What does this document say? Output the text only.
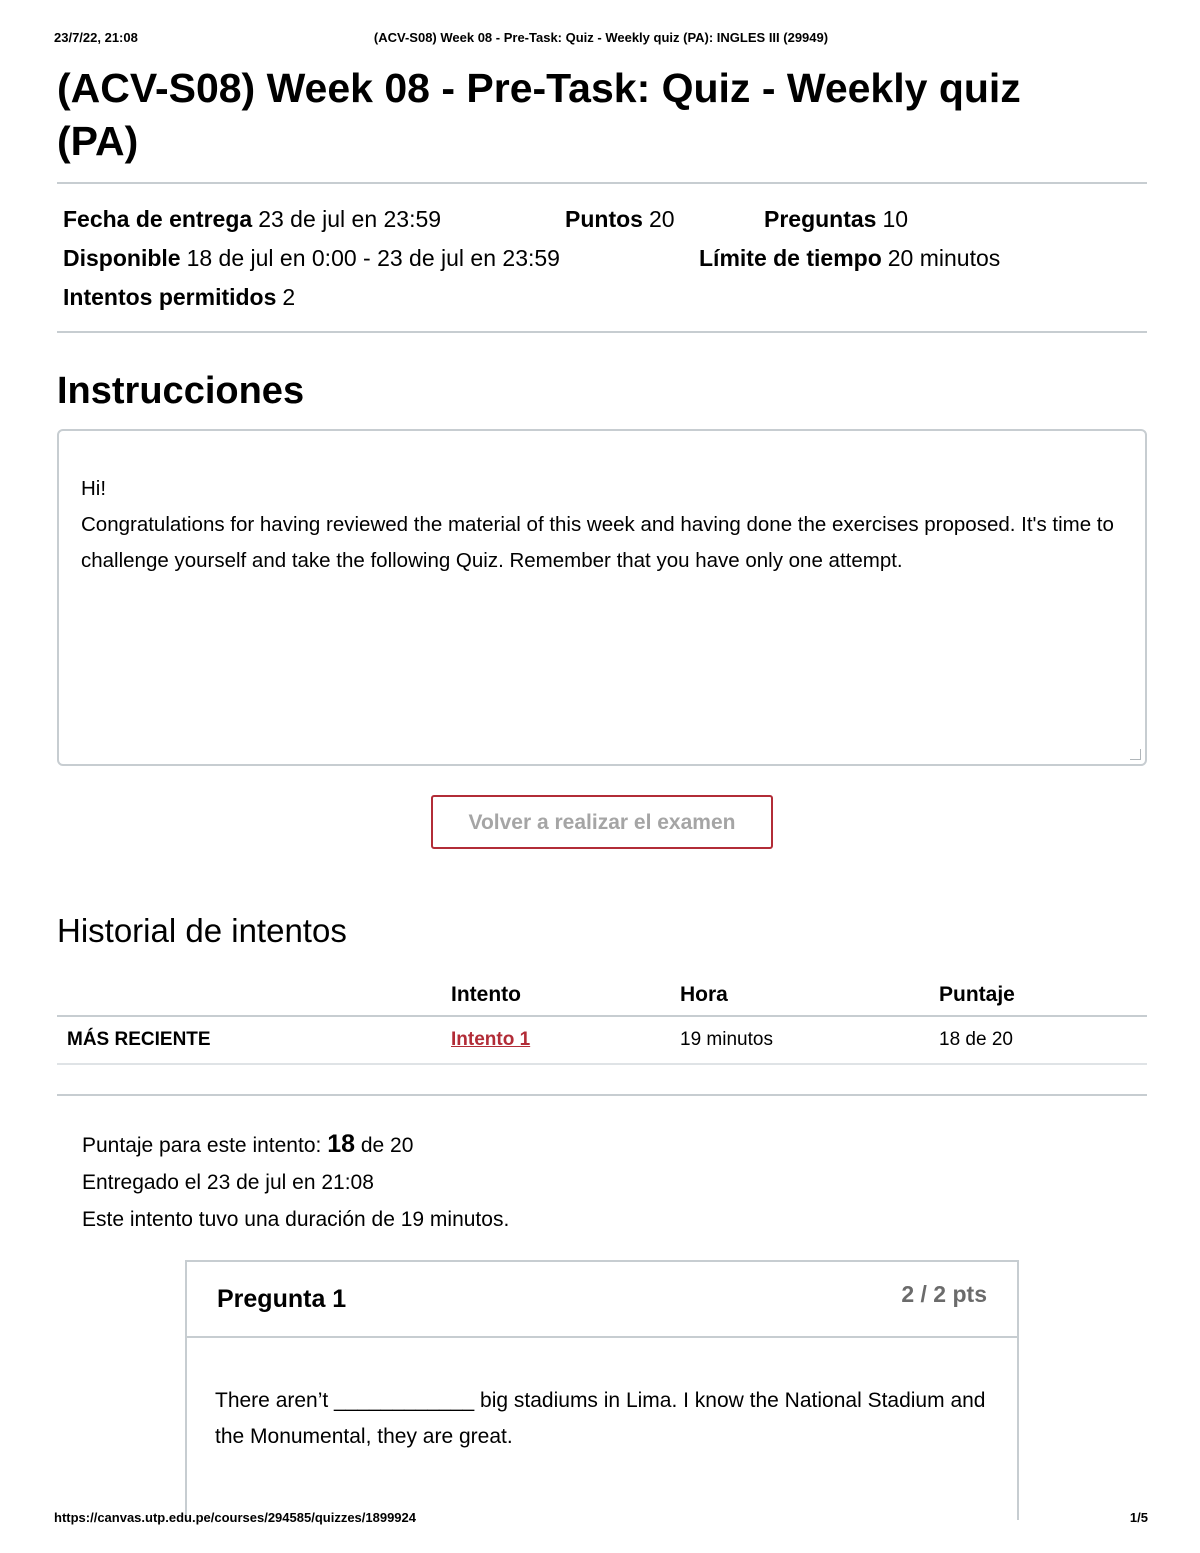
23/7/22, 21:08	(ACV-S08) Week 08 - Pre-Task: Quiz - Weekly quiz (PA): INGLES III (29949)
(ACV-S08) Week 08 - Pre-Task: Quiz - Weekly quiz (PA)
Fecha de entrega 23 de jul en 23:59	Puntos 20	Preguntas 10
Disponible 18 de jul en 0:00 - 23 de jul en 23:59	Límite de tiempo 20 minutos
Intentos permitidos 2
Instrucciones

Hi!

Congratulations for having reviewed the material of this week and having done the exercises proposed. It's time to challenge yourself and take the following Quiz. Remember that you have only one attempt.

Volver a realizar el examen
Historial de intentos
	Intento	Hora	Puntaje
MÁS RECIENTE	Intento 1	19 minutos	18 de 20
Puntaje para este intento: 18 de 20
Entregado el 23 de jul en 21:08
Este intento tuvo una duración de 19 minutos.
Pregunta 1	2 / 2 pts
There aren’t ____________ big stadiums in Lima. I know the National Stadium and the Monumental, they are great.
https://canvas.utp.edu.pe/courses/294585/quizzes/1899924	1/5
